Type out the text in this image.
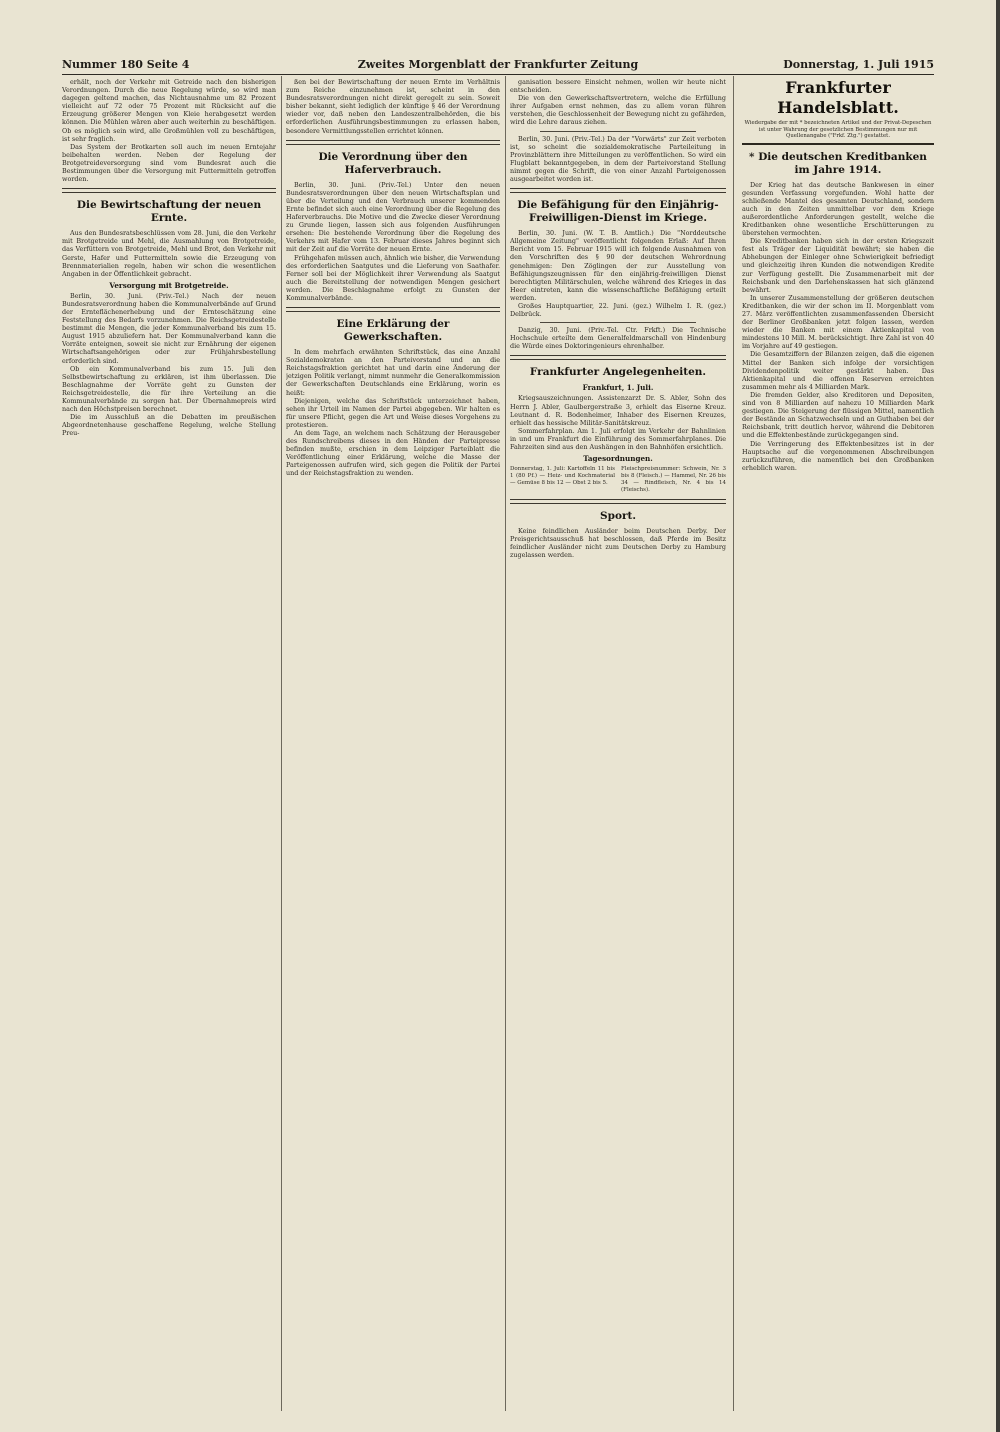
Zweites Morgenblatt der Frankfurter Zeitung
Nummer 180 Seite 4	Donnerstag, 1. Juli 1915

erhält, noch der Verkehr mit Getreide nach den bisherigen Verordnungen. Durch die neue Regelung würde, so wird man dagegen geltend machen, das Nichtausnahme um 82 Prozent vielleicht auf 72 oder 75 Prozent mit Rücksicht auf die Erzeugung größerer Mengen von Kleie herabgesetzt werden können. Die Mühlen wären aber auch weiterhin zu beschäftigen. Ob es möglich sein wird, alle Großmühlen voll zu beschäftigen, ist sehr fraglich.

Das System der Brotkarten soll auch im neuen Erntejahr beibehalten werden. Neben der Regelung der Brotgetreideversorgung sind vom Bundesrat auch die Bestimmungen über die Versorgung mit Futtermitteln getroffen worden.

Die Bewirtschaftung der neuen Ernte.

Aus den Bundesratsbeschlüssen vom 28. Juni, die den Verkehr mit Brotgetreide und Mehl, die Ausmahlung von Brotgetreide, das Verfüttern von Brotgetreide, Mehl und Brot, den Verkehr mit Gerste, Hafer und Futtermitteln sowie die Erzeugung von Brennmaterialien regeln, haben wir schon die wesentlichen Angaben in der Öffentlichkeit gebracht.

Versorgung mit Brotgetreide.

Berlin, 30. Juni. (Priv.-Tel.) Nach der neuen Bundesratsverordnung haben die Kommunalverbände auf Grund der Ernteflächenerhebung und der Ernteschätzung eine Feststellung des Bedarfs vorzunehmen. Die Reichsgetreidestelle bestimmt die Mengen, die jeder Kommunalverband bis zum 15. August 1915 abzuliefern hat. Der Kommunalverband kann die Vorräte enteignen, soweit sie nicht zur Ernährung der eigenen Wirtschaftsangehörigen oder zur Frühjahrsbestellung erforderlich sind.

Ob ein Kommunalverband bis zum 15. Juli den Selbstbewirtschaftung zu erklären, ist ihm überlassen. Die Beschlagnahme der Vorräte geht zu Gunsten der Reichsgetreidestelle, die für ihre Verteilung an die Kommunalverbände zu sorgen hat. Der Übernahmepreis wird nach den Höchstpreisen berechnet.

Die im Ausschluß an die Debatten im preußischen Abgeordnetenhause geschaffene Regelung, welche Stellung Preu-

ßen bei der Bewirtschaftung der neuen Ernte im Verhältnis zum Reiche einzunehmen ist, scheint in den Bundesratsverordnungen nicht direkt geregelt zu sein. Soweit bisher bekannt, sieht lediglich der künftige § 46 der Verordnung wieder vor, daß neben den Landeszentralbehörden, die bis erforderlichen Ausführungsbestimmungen zu erlassen haben, besondere Vermittlungsstellen errichtet können.

Die Verordnung über den Haferverbrauch.

Berlin, 30. Juni. (Priv.-Tel.) Unter den neuen Bundesratsverordnungen über den neuen Wirtschaftsplan und über die Verteilung und den Verbrauch unserer kommenden Ernte befindet sich auch eine Verordnung über die Regelung des Haferverbrauchs. Die Motive und die Zwecke dieser Verordnung zu Grunde liegen, lassen sich aus folgenden Ausführungen ersehen: Die bestehende Verordnung über die Regelung des Verkehrs mit Hafer vom 13. Februar dieses Jahres beginnt sich mit der Zeit auf die Vorräte der neuen Ernte.

Frühgehafen müssen auch, ähnlich wie bisher, die Verwendung des erforderlichen Saatgutes und die Lieferung von Saathafer. Ferner soll bei der Möglichkeit ihrer Verwendung als Saatgut auch die Bereitstellung der notwendigen Mengen gesichert werden. Die Beschlagnahme erfolgt zu Gunsten der Kommunalverbände.

Eine Erklärung der Gewerkschaften.

In dem mehrfach erwähnten Schriftstück, das eine Anzahl Sozialdemokraten an den Parteivorstand und an die Reichstagsfraktion gerichtet hat und darin eine Änderung der jetzigen Politik verlangt, nimmt nunmehr die Generalkommission der Gewerkschaften Deutschlands eine Erklärung, worin es heißt:

Diejenigen, welche das Schriftstück unterzeichnet haben, sehen ihr Urteil im Namen der Partei abgegeben. Wir halten es für unsere Pflicht, gegen die Art und Weise dieses Vorgehens zu protestieren.

An dem Tage, an welchem nach Schätzung der Herausgeber des Rundschreibens dieses in den Händen der Parteipresse befinden mußte, erschien in dem Leipziger Parteiblatt die Veröffentlichung einer Erklärung, welche die Masse der Parteigenossen aufrufen wird, sich gegen die Politik der Partei und der Reichstagsfraktion zu wenden.

ganisation bessere Einsicht nehmen, wollen wir heute nicht entscheiden.

Die von den Gewerkschaftsvertretern, welche die Erfüllung ihrer Aufgaben ernst nehmen, das zu allem voran führen verstehen, die Geschlossenheit der Bewegung nicht zu gefährden, wird die Lehre daraus ziehen.

Berlin, 30. Juni. (Priv.-Tel.) Da der "Vorwärts" zur Zeit verboten ist, so scheint die sozialdemokratische Parteileitung in Provinzblättern ihre Mitteilungen zu veröffentlichen. So wird ein Flugblatt bekanntgegeben, in dem der Parteivorstand Stellung nimmt gegen die Schrift, die von einer Anzahl Parteigenossen ausgearbeitet worden ist.

Die Befähigung für den Einjährig-Freiwilligen-Dienst im Kriege.

Berlin, 30. Juni. (W. T. B. Amtlich.) Die "Norddeutsche Allgemeine Zeitung" veröffentlicht folgenden Erlaß: Auf Ihren Bericht vom 15. Februar 1915 will ich folgende Ausnahmen von den Vorschriften des § 90 der deutschen Wehrordnung genehmigen: Den Zöglingen der zur Ausstellung von Befähigungszeugnissen für den einjährig-freiwilligen Dienst berechtigten Militärschulen, welche während des Krieges in das Heer eintreten, kann die wissenschaftliche Befähigung erteilt werden.

Großes Hauptquartier, 22. Juni. (gez.) Wilhelm I. R. (gez.) Delbrück.

Danzig, 30. Juni. (Priv.-Tel. Ctr. Frkft.) Die Technische Hochschule erteilte dem Generalfeldmarschall von Hindenburg die Würde eines Doktoringenieurs ehrenhalber.

Frankfurter Angelegenheiten.
Frankfurt, 1. Juli.

Kriegsauszeichnungen. Assistenzarzt Dr. S. Abler, Sohn des Herrn J. Abler, Gaulbergerstraße 3, erhielt das Eiserne Kreuz. Leutnant d. R. Bodenheimer, Inhaber des Eisernen Kreuzes, erhielt das hessische Militär-Sanitätskreuz.

Sommerfahrplan. Am 1. Juli erfolgt im Verkehr der Bahnlinien in und um Frankfurt die Einführung des Sommerfahrplanes. Die Fahrzeiten sind aus den Aushängen in den Bahnhöfen ersichtlich.

Tagesordnungen.
Donnerstag, 1. Juli: Kartoffeln 11 bis 1 (80 Pf.) — Heiz- und Kochmaterial — Gemüse 8 bis 12 — Obst 2 bis 5.
Fleischpreisnummer: Schwein, Nr. 3 bis 8 (Fleisch.) — Hammel, Nr. 26 bis 34 — Rindfleisch, Nr. 4 bis 14 (Fleischs).
Sport.

Keine feindlichen Ausländer beim Deutschen Derby. Der Preisgerichtsausschuß hat beschlossen, daß Pferde im Besitz feindlicher Ausländer nicht zum Deutschen Derby zu Hamburg zugelassen werden.

Frankfurter Handelsblatt.
Wiedergabe der mit * bezeichneten Artikel und der Privat-Depeschen ist unter Wahrung der gesetzlichen Bestimmungen nur mit Quellenangabe ("Frkf. Ztg.") gestattet.
* Die deutschen Kreditbanken im Jahre 1914.

Der Krieg hat das deutsche Bankwesen in einer gesunden Verfassung vorgefunden. Wohl hatte der schließende Mantel des gesamten Deutschland, sondern auch in den Zeiten unmittelbar vor dem Kriege außerordentliche Anforderungen gestellt, welche die Kreditbanken ohne wesentliche Erschütterungen zu überstehen vermochten.

Die Kreditbanken haben sich in der ersten Kriegszeit fest als Träger der Liquidität bewährt; sie haben die Abhebungen der Einleger ohne Schwierigkeit befriedigt und gleichzeitig ihren Kunden die notwendigen Kredite zur Verfügung gestellt. Die Zusammenarbeit mit der Reichsbank und den Darlehenskassen hat sich glänzend bewährt.

In unserer Zusammenstellung der größeren deutschen Kreditbanken, die wir der schon im II. Morgenblatt vom 27. März veröffentlichten zusammenfassenden Übersicht der Berliner Großbanken jetzt folgen lassen, werden wieder die Banken mit einem Aktienkapital von mindestens 10 Mill. M. berücksichtigt. Ihre Zahl ist von 40 im Vorjahre auf 49 gestiegen.

Die Gesamtziffern der Bilanzen zeigen, daß die eigenen Mittel der Banken sich infolge der vorsichtigen Dividendenpolitik weiter gestärkt haben. Das Aktienkapital und die offenen Reserven erreichten zusammen mehr als 4 Milliarden Mark.

Die fremden Gelder, also Kreditoren und Depositen, sind von 8 Milliarden auf nahezu 10 Milliarden Mark gestiegen. Die Steigerung der flüssigen Mittel, namentlich der Bestände an Schatzwechseln und an Guthaben bei der Reichsbank, tritt deutlich hervor, während die Debitoren und die Effektenbestände zurückgegangen sind.

Die Verringerung des Effektenbesitzes ist in der Hauptsache auf die vorgenommenen Abschreibungen zurückzuführen, die namentlich bei den Großbanken erheblich waren.
